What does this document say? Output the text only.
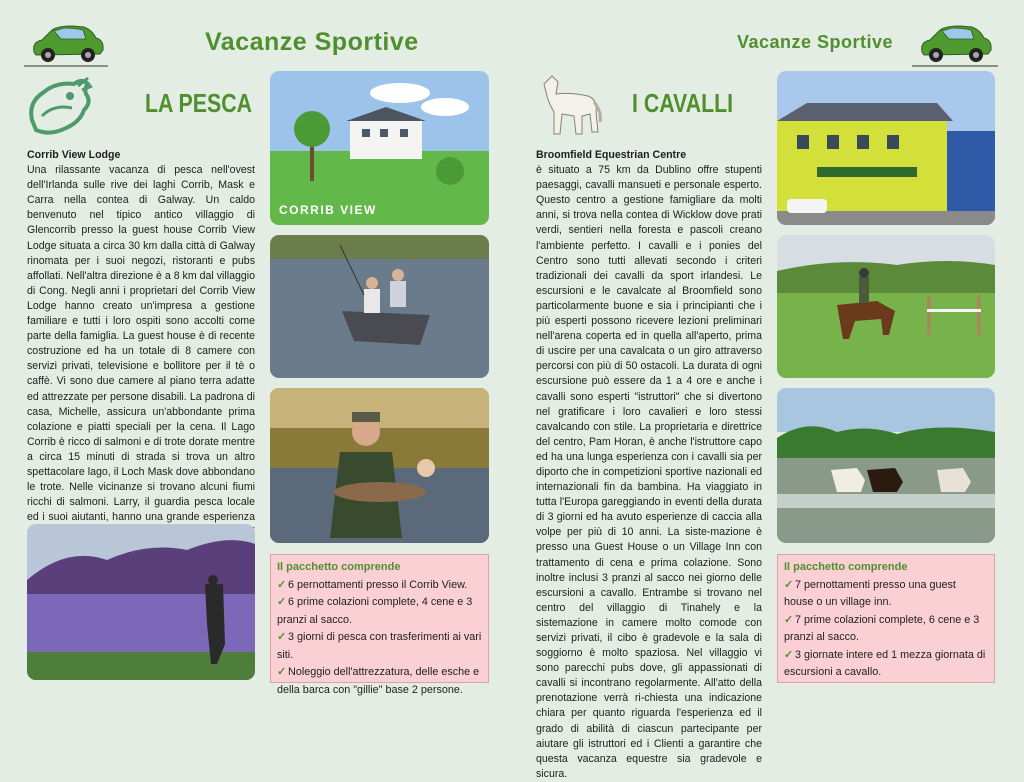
Vacanze Sportive	Vacanze Sportive
LA PESCA
Corrib View Lodge
Una rilassante vacanza di pesca nell'ovest dell'Irlanda sulle rive dei laghi Corrib, Mask e Carra nella contea di Galway. Un caldo benvenuto nel tipico antico villaggio di Glencorrib presso la guest house Corrib View Lodge situata a circa 30 km dalla città di Galway rinomata per i suoi negozi, ristoranti e pubs affollati. Nell'altra direzione è a 8 km dal villaggio di Cong. Negli anni i proprietari del Corrib View Lodge hanno creato un'impresa a gestione familiare e tutti i loro ospiti sono accolti come parte della famiglia. La guest house è di recente costruzione ed ha un totale di 8 camere con servizi privati, televisione e bollitore per il tè o caffè. Vi sono due camere al piano terra adatte ed attrezzate per persone disabili. La padrona di casa, Michelle, assicura un'abbondante prima colazione e piatti speciali per la cena. Il Lago Corrib è ricco di salmoni e di trote dorate mentre a circa 15 minuti di strada si trova un altro spettacolare lago, il Loch Mask dove abbondano le trote. Nelle vicinanze si trovano alcuni fiumi ricchi di salmoni. Larry, il guardia pesca locale ed i suoi aiutanti, hanno una grande esperienza
CORRIB VIEW
Il pacchetto comprende
✓ 6 pernottamenti presso il Corrib View.
✓ 6 prime colazioni complete, 4 cene e 3 pranzi al sacco.
✓ 3 giorni di pesca con trasferimenti ai vari siti.
✓ Noleggio dell'attrezzatura, delle esche e della barca con "gillie" base 2 persone.
I CAVALLI
Broomfield Equestrian Centre
è situato a 75 km da Dublino offre stupenti paesaggi, cavalli mansueti e personale esperto. Questo centro a gestione famigliare da molti anni, si trova nella contea di Wicklow dove prati verdi, sentieri nella foresta e pascoli creano l'ambiente perfetto. I cavalli e i ponies del Centro sono tutti allevati secondo i criteri tradizionali dei cavalli da sport irlandesi. Le escursioni e le cavalcate al Broomfield sono particolarmente buone e sia i principianti che i più esperti possono ricevere lezioni preliminari nell'arena coperta ed in quella all'aperto, prima di uscire per una cavalcata o un giro attraverso percorsi con più di 50 ostacoli. La durata di ogni escursione può essere da 1 a 4 ore e anche i cavalli sono esperti "istruttori" che si divertono nel gratificare i loro cavalieri e loro stessi cavalcando con stile. La proprietaria e direttrice del centro, Pam Horan, è anche l'istruttore capo ed ha una lunga esperienza con i cavalli sia per diporto che in competizioni sportive nazionali ed internazionali fin da bambina. Ha viaggiato in tutta l'Europa gareggiando in eventi della durata di 3 giorni ed ha avuto esperienze di caccia alla volpe per più di 10 anni. La siste-mazione è presso una Guest House o un Village Inn con trattamento di cena e prima colazione. Sono inoltre inclusi 3 pranzi al sacco nei giorno delle escursioni a cavallo. Entrambe si trovano nel centro del villaggio di Tinahely e la sistemazione in camere molto comode con servizi privati, il cibo è gradevole e la sala di soggiorno è molto spaziosa. Nel villaggio vi sono parecchi pubs dove, gli appassionati di cavalli si incontrano regolarmente. All'atto della prenotazione verrà ri-chiesta una indicazione chiara per quanto riguarda l'esperienza ed il grado di abilità di ciascun partecipante per aiutare gli istruttori ed i Clienti a garantire che questa vacanza equestre sia gradevole e sicura.
Il pacchetto comprende
✓ 7 pernottamenti presso una guest house o un village inn.
✓ 7 prime colazioni complete, 6 cene e 3 pranzi al sacco.
✓ 3 giornate intere ed 1 mezza giornata di escursioni a cavallo.
